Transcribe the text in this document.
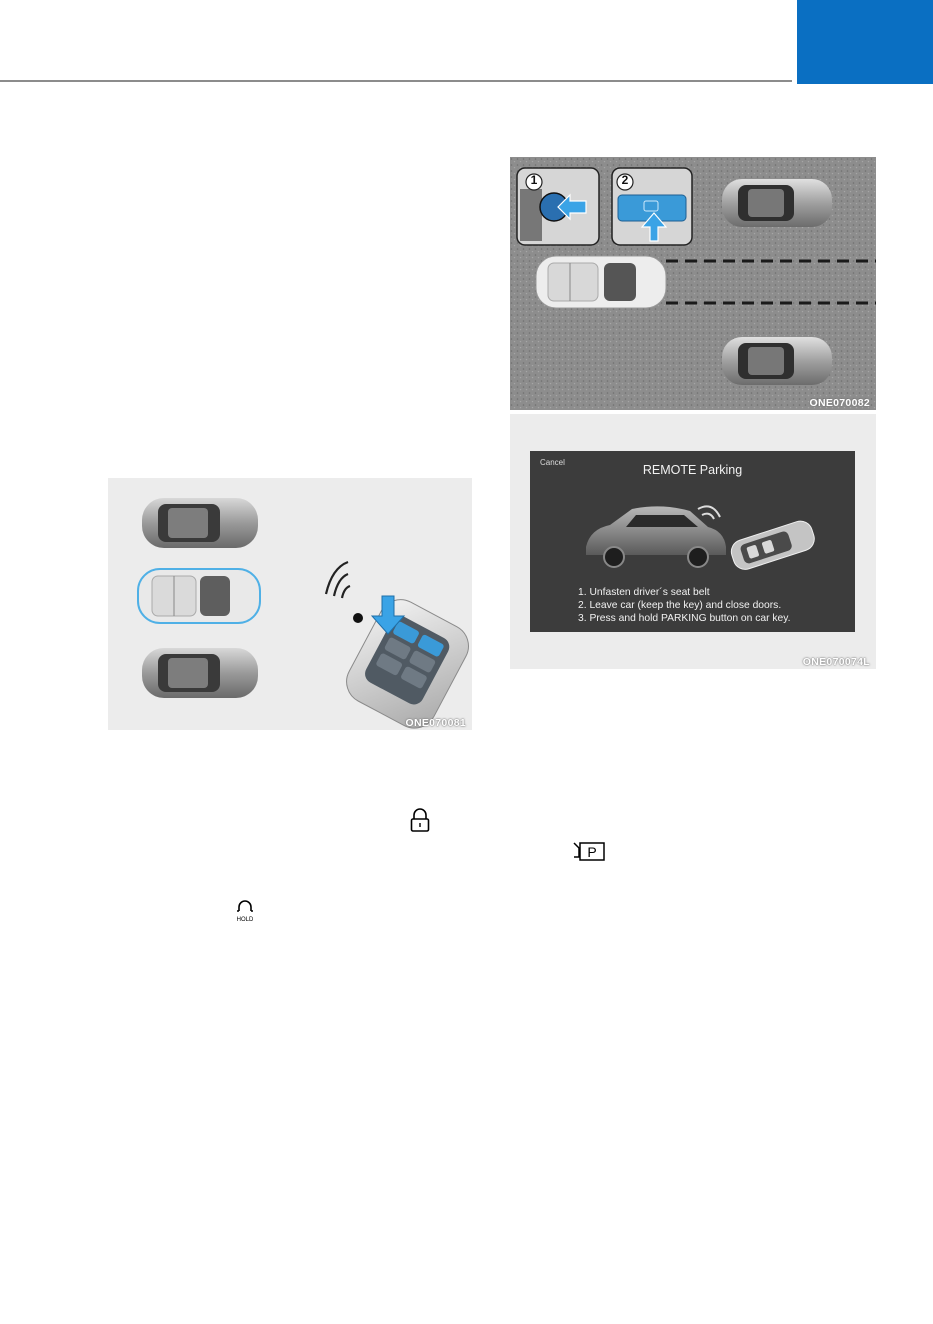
ONE070081
1	2
ONE070082
Cancel
REMOTE Parking
1. Unfasten driver´s seat belt
2. Leave car (keep the key) and close doors.
3. Press and hold PARKING button on car key.
ONE070074L
P
HOLD
